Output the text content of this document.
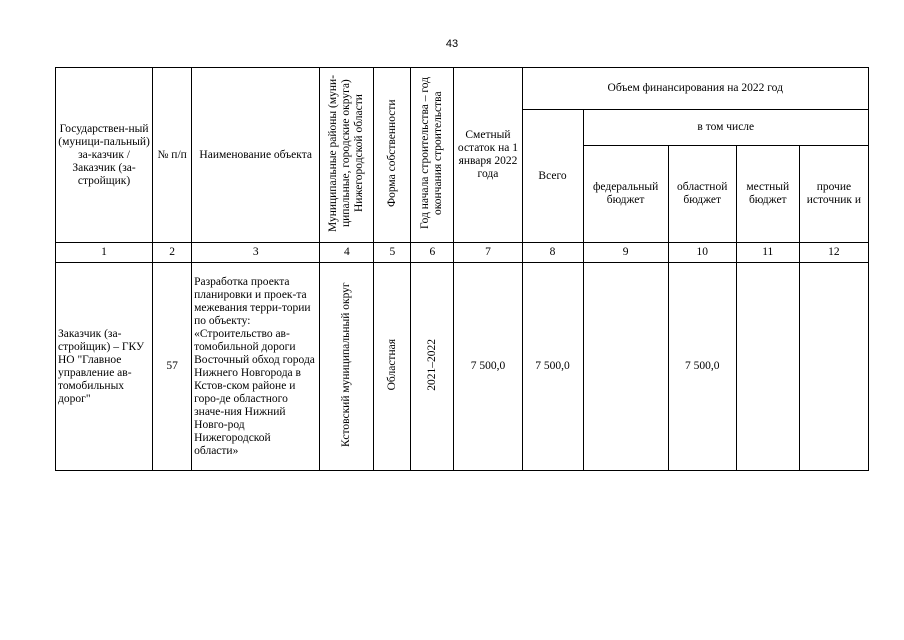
43
Государствен-ный (муници-пальный) за-казчик / Заказчик (за-стройщик)	№ п/п	Наименование объекта	Муниципальные районы (муни-ципальные, городские округа) Нижегородской области	Форма собственности	Год начала строительства – год окончания строительства	Сметный остаток на 1 января 2022 года	Объем финансирования на 2022 год				
							Всего	в том числе			
								федеральный бюджет	областной бюджет	местный бюджет	прочие источник и
1	2	3	4	5	6	7	8	9	10	11	12
Заказчик (за-стройщик) – ГКУ НО "Главное управление ав-томобильных дорог"	57	Разработка проекта планировки и проек-та межевания терри-тории по объекту: «Строительство ав-томобильной дороги Восточный обход города Нижнего Новгорода в Кстов-ском районе и горо-де областного значе-ния Нижний Новго-род Нижегородской области»	Кстовский муниципальный округ	Областная	2021–2022	7 500,0	7 500,0		7 500,0		
